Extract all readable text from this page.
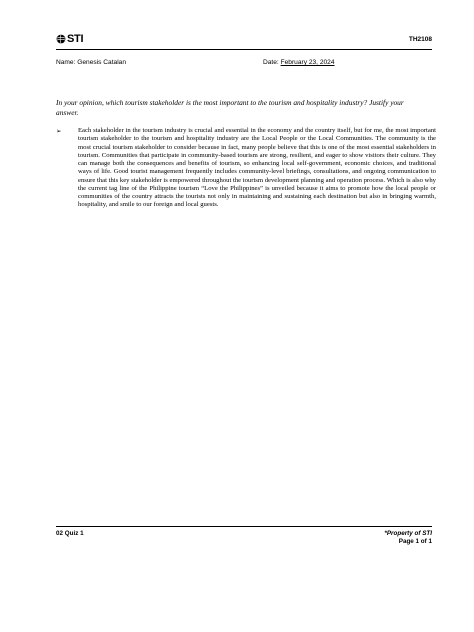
STI	TH2108
Name: Genesis Catalan	Date: February 23, 2024

In your opinion, which tourism stakeholder is the most important to the tourism and hospitality industry? Justify your answer.

➢	Each stakeholder in the tourism industry is crucial and essential in the economy and the country itself, but for me, the most important tourism stakeholder to the tourism and hospitality industry are the Local People or the Local Communities. The community is the most crucial tourism stakeholder to consider because in fact, many people believe that this is one of the most essential stakeholders in tourism. Communities that participate in community-based tourism are strong, resilient, and eager to show visitors their culture. They can manage both the consequences and benefits of tourism, so enhancing local self-government, economic choices, and traditional ways of life. Good tourist management frequently includes community-level briefings, consultations, and ongoing communication to ensure that this key stakeholder is empowered throughout the tourism development planning and operation process. Which is also why the current tag line of the Philippine tourism “Love the Philippines” is unveiled because it aims to promote how the local people or communities of the country attracts the tourists not only in maintaining and sustaining each destination but also in bringing warmth, hospitality, and smile to our foreign and local guests.

02 Quiz 1	*Property of STI
Page 1 of 1
